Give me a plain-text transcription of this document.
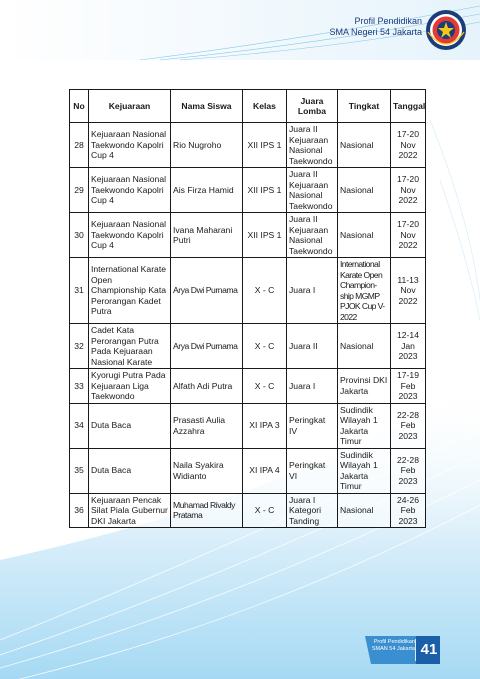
Profil Pendidikan
SMA Negeri 54 Jakarta
No	Kejuaraan	Nama Siswa	Kelas	Juara Lomba	Tingkat	Tanggal
28	Kejuaraan Nasional Taekwondo Kapolri Cup 4	Rio Nugroho	XII IPS 1	Juara II Kejuaraan Nasional Taekwondo	Nasional	17-20 Nov 2022
29	Kejuaraan Nasional Taekwondo Kapolri Cup 4	Ais Firza Hamid	XII IPS 1	Juara II Kejuaraan Nasional Taekwondo	Nasional	17-20 Nov 2022
30	Kejuaraan Nasional Taekwondo Kapolri Cup 4	Ivana Maharani Putri	XII IPS 1	Juara II Kejuaraan Nasional Taekwondo	Nasional	17-20 Nov 2022
31	International Karate Open Championship Kata Perorangan Kadet Putra	Arya Dwi Purnama	X - C	Juara I	International Karate Open Champion-ship MGMP PJOK Cup V-2022	11-13 Nov 2022
32	Cadet Kata Perorangan Putra Pada Kejuaraan Nasional Karate	Arya Dwi Purnama	X - C	Juara II	Nasional	12-14 Jan 2023
33	Kyorugi Putra Pada Kejuaraan Liga Taekwondo	Alfath Adi Putra	X - C	Juara I	Provinsi DKI Jakarta	17-19 Feb 2023
34	Duta Baca	Prasasti Aulia Azzahra	XI IPA 3	Peringkat IV	Sudindik Wilayah 1 Jakarta Timur	22-28 Feb 2023
35	Duta Baca	Naila Syakira Widianto	XI IPA 4	Peringkat VI	Sudindik Wilayah 1 Jakarta Timur	22-28 Feb 2023
36	Kejuaraan Pencak Silat Piala Gubernur DKI Jakarta	Muhamad Rivaldy Pratama	X - C	Juara I Kategori Tanding	Nasional	24-26 Feb 2023
Profil Pendidikan
SMAN 54 Jakarta 41
